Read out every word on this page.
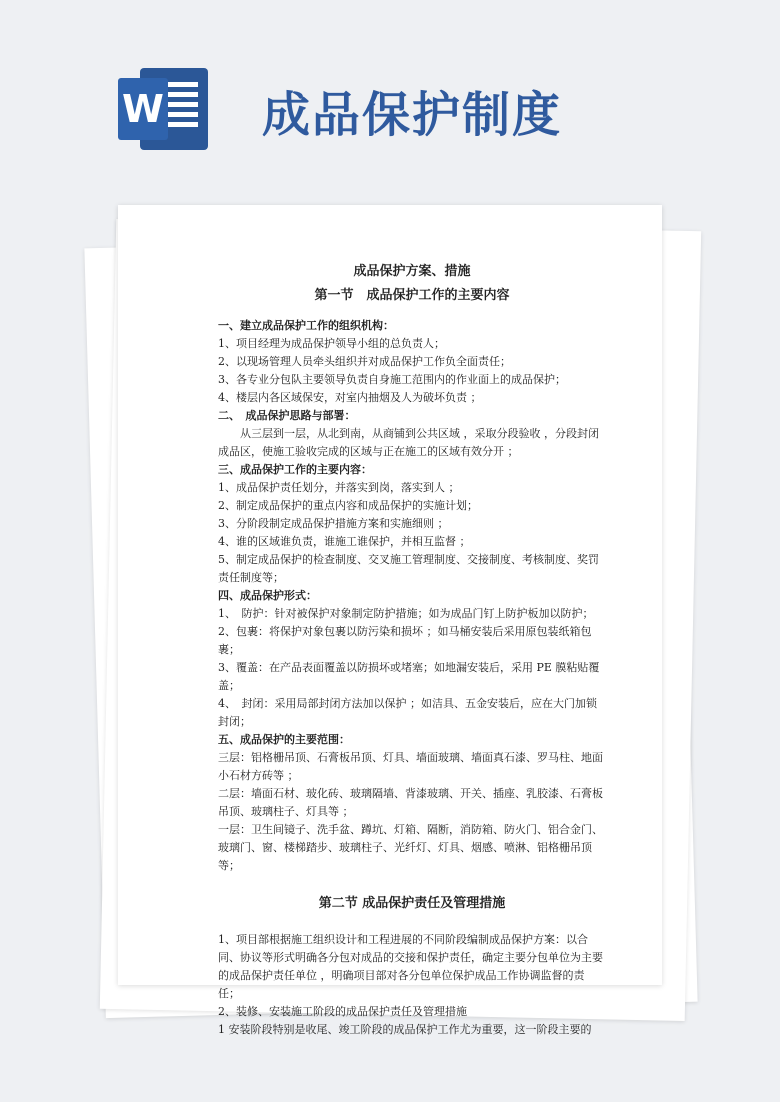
W 成品保护制度
成品保护方案、措施
第一节　成品保护工作的主要内容

一、建立成品保护工作的组织机构：

1、项目经理为成品保护领导小组的总负责人；

2、以现场管理人员牵头组织并对成品保护工作负全面责任；

3、各专业分包队主要领导负责自身施工范围内的作业面上的成品保护；

4、楼层内各区域保安，对室内抽烟及人为破坏负责 ；

二、　成品保护思路与部署：

从三层到一层，从北到南，从商铺到公共区域 ，采取分段验收 ，分段封闭成品区，使施工验收完成的区域与正在施工的区域有效分开 ；

三、成品保护工作的主要内容：

1、成品保护责任划分，并落实到岗，落实到人 ；

2、制定成品保护的重点内容和成品保护的实施计划；

3、分阶段制定成品保护措施方案和实施细则 ；

4、谁的区域谁负责，谁施工谁保护，并相互监督 ；

5、制定成品保护的检查制度、交叉施工管理制度、交接制度、考核制度、奖罚责任制度等；

四、成品保护形式：

1、　防护：针对被保护对象制定防护措施；如为成品门钉上防护板加以防护；

2、包裹：将保护对象包裹以防污染和损坏 ；如马桶安装后采用原包装纸箱包裹；

3、覆盖：在产品表面覆盖以防损坏或堵塞；如地漏安装后，采用 PE 膜粘贴覆盖；

4、　封闭：采用局部封闭方法加以保护 ；如洁具、五金安装后，应在大门加锁封闭；

五、成品保护的主要范围：

三层：铝格栅吊顶、石膏板吊顶、灯具、墙面玻璃、墙面真石漆、罗马柱、地面小石材方砖等 ；

二层：墙面石材、玻化砖、玻璃隔墙、背漆玻璃、开关、插座、乳胶漆、石膏板吊顶、玻璃柱子、灯具等 ；

一层：卫生间镜子、洗手盆、蹲坑、灯箱、隔断，消防箱、防火门、铝合金门、玻璃门、窗、楼梯踏步、玻璃柱子、光纤灯、灯具、烟感、喷淋、铝格栅吊顶等；

第二节 成品保护责任及管理措施

1、项目部根据施工组织设计和工程进展的不同阶段编制成品保护方案：以合同、协议等形式明确各分包对成品的交接和保护责任，确定主要分包单位为主要的成品保护责任单位 ，明确项目部对各分包单位保护成品工作协调监督的责任；

2、装修、安装施工阶段的成品保护责任及管理措施

1 安装阶段特别是收尾、竣工阶段的成品保护工作尤为重要，这一阶段主要的
